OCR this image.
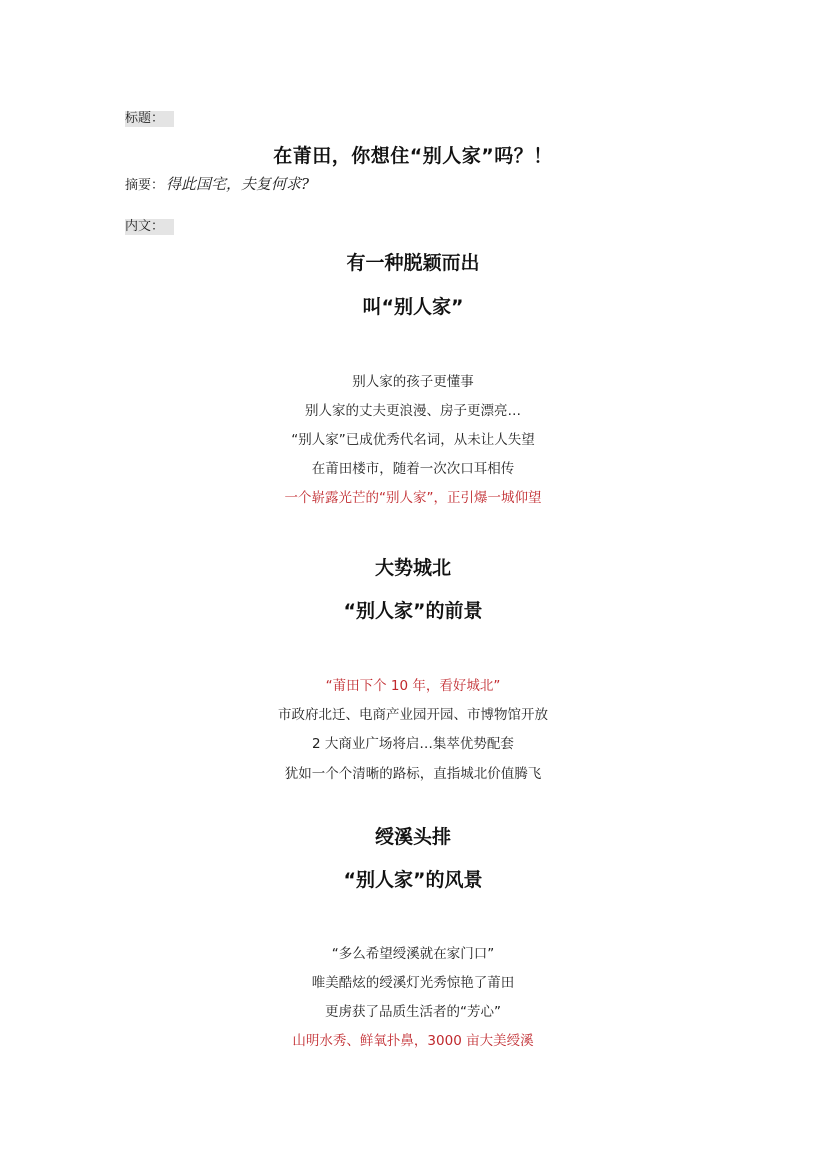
标题：
在莆田，你想住“别人家”吗？！
摘要： 得此国宅，夫复何求?
内文：
有一种脱颖而出
叫“别人家”
别人家的孩子更懂事
别人家的丈夫更浪漫、房子更漂亮…
“别人家”已成优秀代名词，从未让人失望
在莆田楼市，随着一次次口耳相传
一个崭露光芒的“别人家”，正引爆一城仰望
大势城北
“别人家”的前景
“莆田下个 10 年，看好城北”
市政府北迁、电商产业园开园、市博物馆开放
2 大商业广场将启…集萃优势配套
犹如一个个清晰的路标，直指城北价值腾飞
绶溪头排
“别人家”的风景
“多么希望绶溪就在家门口”
唯美酷炫的绶溪灯光秀惊艳了莆田
更虏获了品质生活者的“芳心”
山明水秀、鲜氧扑鼻，3000 亩大美绶溪
